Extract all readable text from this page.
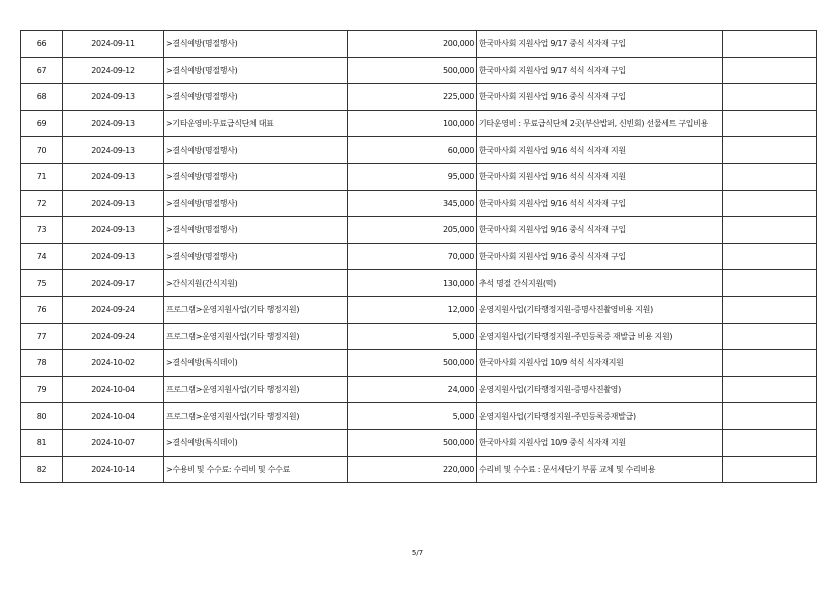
66	2024-09-11	>결식예방(명절행사)	200,000	한국마사회 지원사업 9/17 중식 식자재 구입	
67	2024-09-12	>결식예방(명절행사)	500,000	한국마사회 지원사업 9/17 석식 식자재 구입	
68	2024-09-13	>결식예방(명절행사)	225,000	한국마사회 지원사업 9/16 중식 식자재 구입	
69	2024-09-13	>기타운영비:무료급식단체 대표	100,000	기타운영비 : 무료급식단체 2곳(부산밥퍼, 신빈회) 선물세트 구입비용	
70	2024-09-13	>결식예방(명절행사)	60,000	한국마사회 지원사업 9/16 석식 식자재 지원	
71	2024-09-13	>결식예방(명절행사)	95,000	한국마사회 지원사업 9/16 석식 식자재 지원	
72	2024-09-13	>결식예방(명절행사)	345,000	한국마사회 지원사업 9/16 석식 식자재 구입	
73	2024-09-13	>결식예방(명절행사)	205,000	한국마사회 지원사업 9/16 중식 식자재 구입	
74	2024-09-13	>결식예방(명절행사)	70,000	한국마사회 지원사업 9/16 중식 식자재 구입	
75	2024-09-17	>간식지원(간식지원)	130,000	추석 명절 간식지원(떡)	
76	2024-09-24	프로그램>운영지원사업(기타 행정지원)	12,000	운영지원사업(기타행정지원-증명사진촬영비용 지원)	
77	2024-09-24	프로그램>운영지원사업(기타 행정지원)	5,000	운영지원사업(기타행정지원-주민등록증 재발급 비용 지원)	
78	2024-10-02	>결식예방(특식데이)	500,000	한국마사회 지원사업 10/9 석식 식자재지원	
79	2024-10-04	프로그램>운영지원사업(기타 행정지원)	24,000	운영지원사업(기타행정지원-증명사진촬영)	
80	2024-10-04	프로그램>운영지원사업(기타 행정지원)	5,000	운영지원사업(기타행정지원-주민등록증재발급)	
81	2024-10-07	>결식예방(특식데이)	500,000	한국마사회 지원사업 10/9 중식 식자재 지원	
82	2024-10-14	>수용비 및 수수료: 수리비 및 수수료	220,000	수리비 및 수수료 : 문서세단기 부품 교체 및 수리비용	
5/7
